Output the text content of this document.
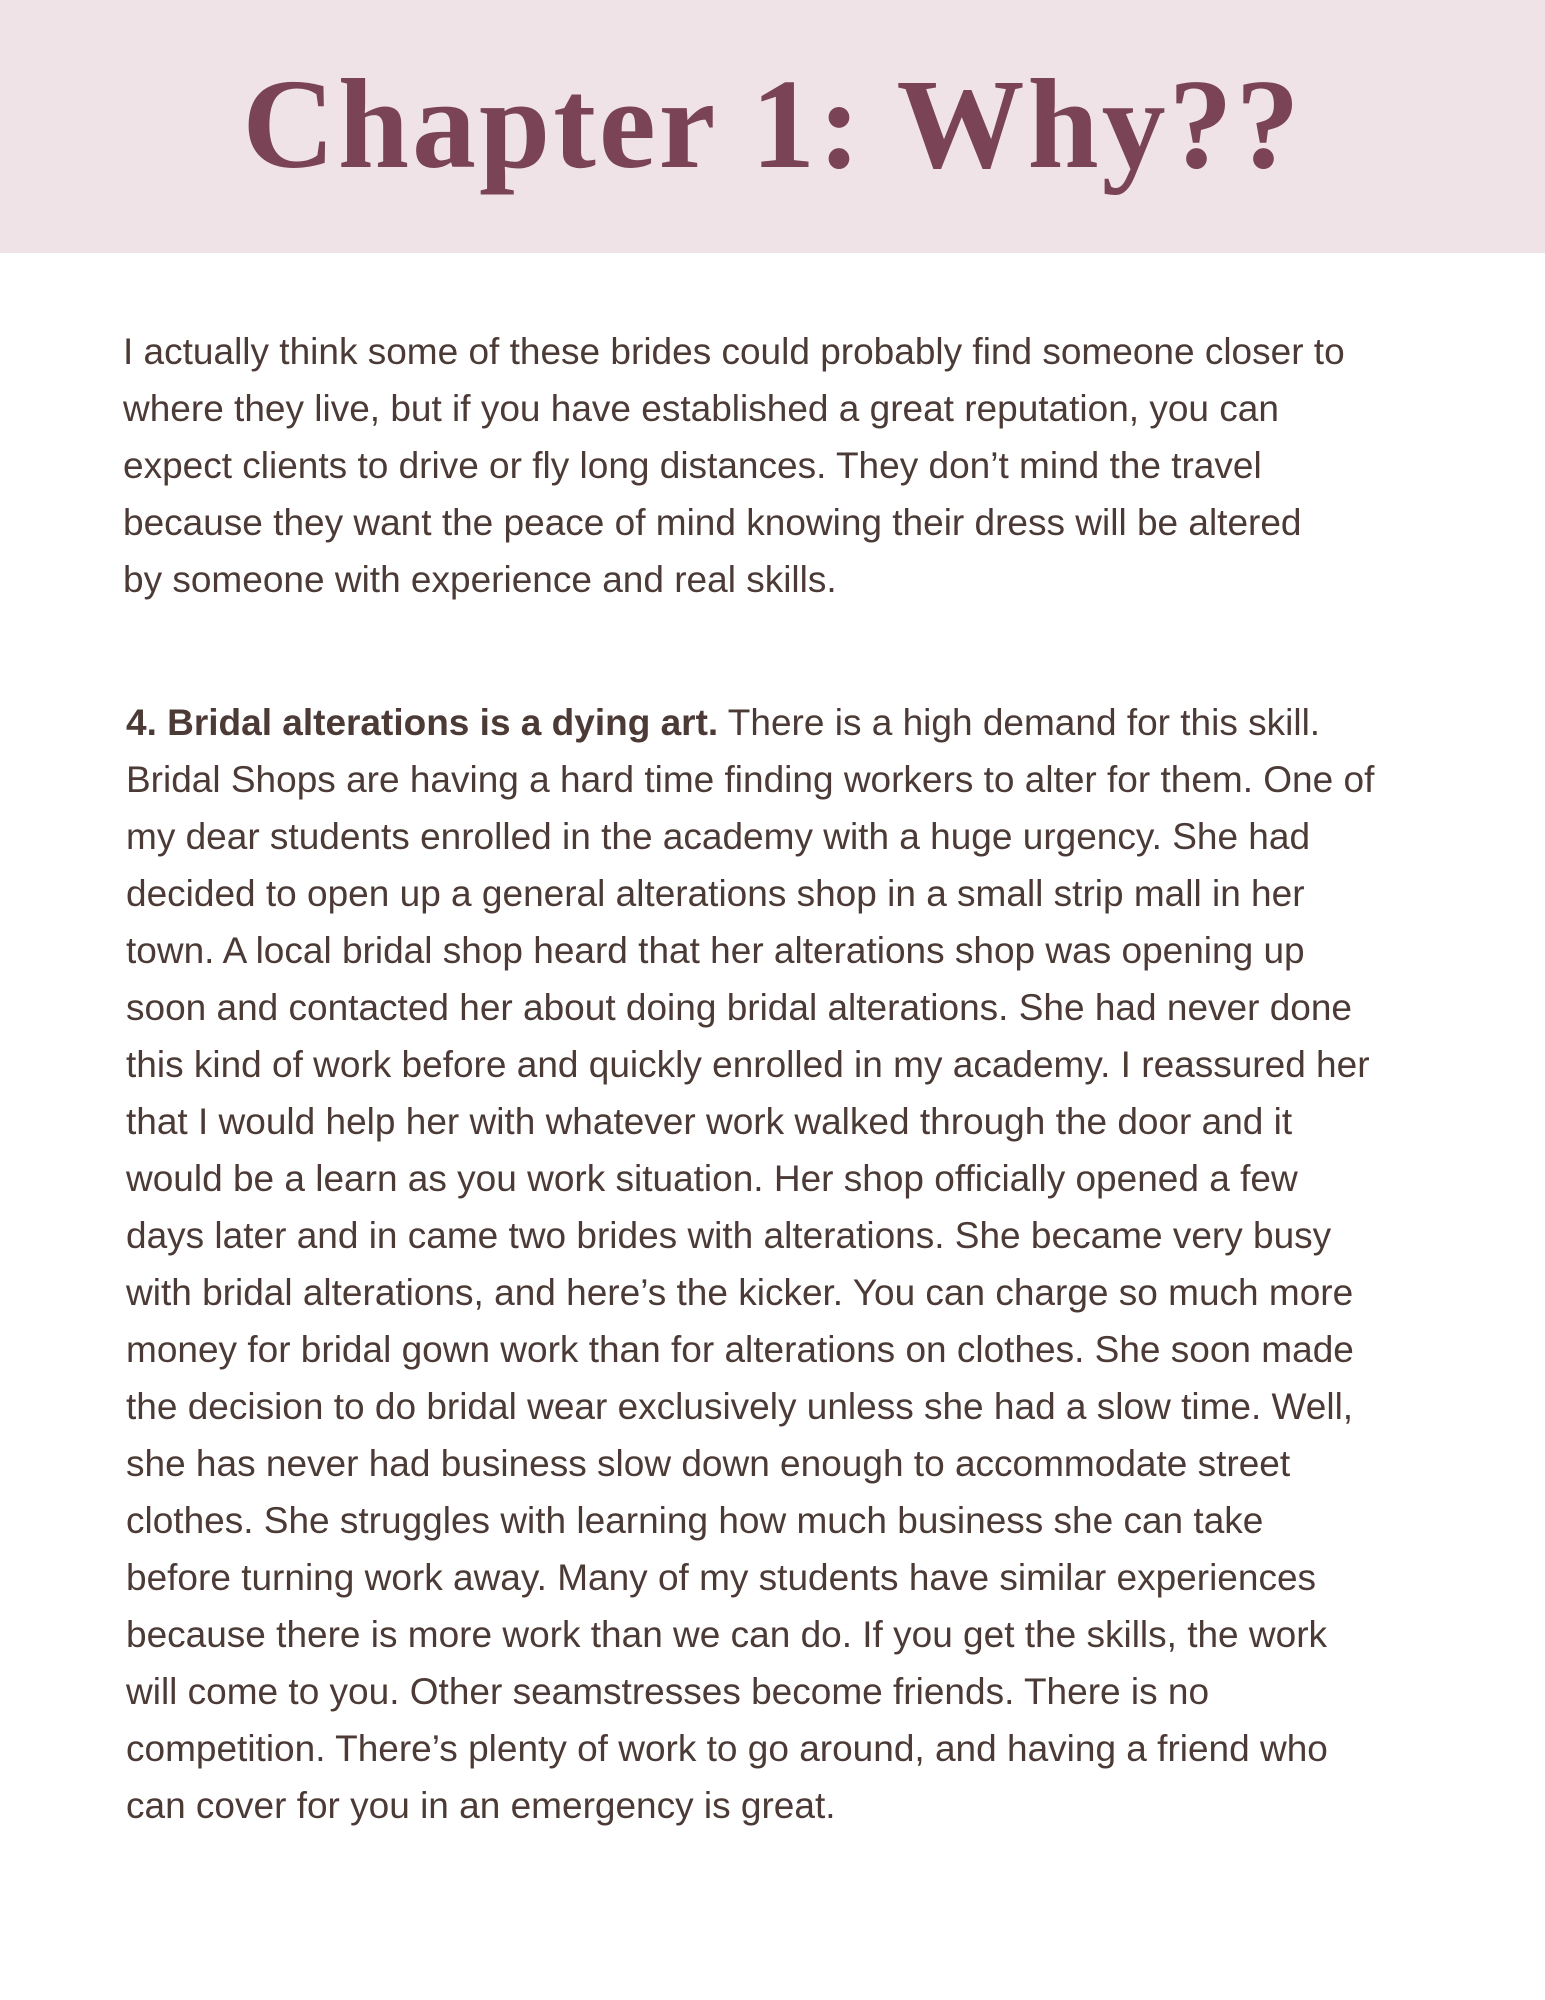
Chapter 1: Why??

I actually think some of these brides could probably find someone closer to
where they live, but if you have established a great reputation, you can
expect clients to drive or fly long distances. They don’t mind the travel
because they want the peace of mind knowing their dress will be altered
by someone with experience and real skills.

4. Bridal alterations is a dying art. There is a high demand for this skill.
Bridal Shops are having a hard time finding workers to alter for them. One of
my dear students enrolled in the academy with a huge urgency. She had
decided to open up a general alterations shop in a small strip mall in her
town. A local bridal shop heard that her alterations shop was opening up
soon and contacted her about doing bridal alterations. She had never done
this kind of work before and quickly enrolled in my academy. I reassured her
that I would help her with whatever work walked through the door and it
would be a learn as you work situation. Her shop officially opened a few
days later and in came two brides with alterations. She became very busy
with bridal alterations, and here’s the kicker. You can charge so much more
money for bridal gown work than for alterations on clothes. She soon made
the decision to do bridal wear exclusively unless she had a slow time. Well,
she has never had business slow down enough to accommodate street
clothes. She struggles with learning how much business she can take
before turning work away. Many of my students have similar experiences
because there is more work than we can do. If you get the skills, the work
will come to you. Other seamstresses become friends. There is no
competition. There’s plenty of work to go around, and having a friend who
can cover for you in an emergency is great.
